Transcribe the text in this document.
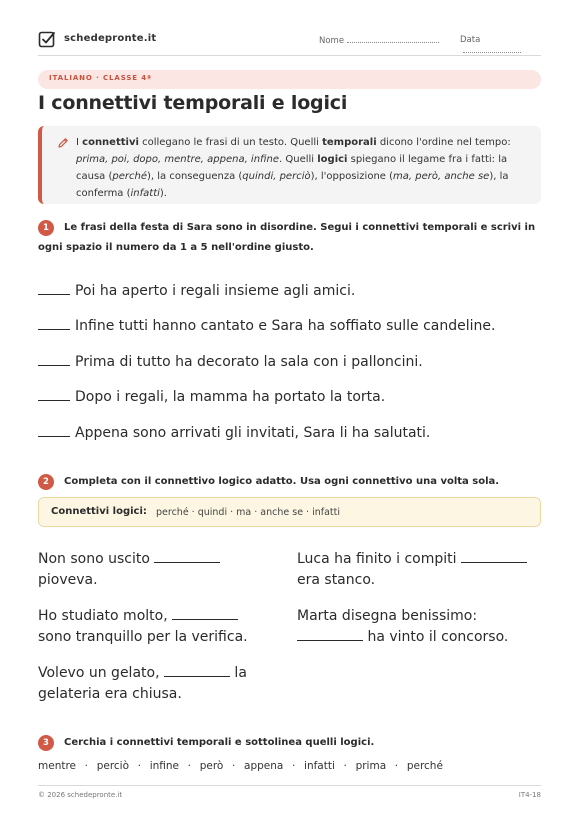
schedepronte.it	Nome	Data
ITALIANO · CLASSE 4ª
I connettivi temporali e logici
I connettivi collegano le frasi di un testo. Quelli temporali dicono l'ordine nel tempo: prima, poi, dopo, mentre, appena, infine. Quelli logici spiegano il legame fra i fatti: la causa (perché), la conseguenza (quindi, perciò), l'opposizione (ma, però, anche se), la conferma (infatti).
1	Le frasi della festa di Sara sono in disordine. Segui i connettivi temporali e scrivi in ogni spazio il numero da 1 a 5 nell'ordine giusto.
Poi ha aperto i regali insieme agli amici.
Infine tutti hanno cantato e Sara ha soffiato sulle candeline.
Prima di tutto ha decorato la sala con i palloncini.
Dopo i regali, la mamma ha portato la torta.
Appena sono arrivati gli invitati, Sara li ha salutati.
2	Completa con il connettivo logico adatto. Usa ogni connettivo una volta sola.
Connettivi logici: perché · quindi · ma · anche se · infatti
Non sono uscito
pioveva.
Luca ha finito i compiti
era stanco.
Ho studiato molto,
sono tranquillo per la verifica.
Marta disegna benissimo:
ha vinto il concorso.
Volevo un gelato,	la gelateria era chiusa.
3	Cerchia i connettivi temporali e sottolinea quelli logici.
mentre  ·  perciò  ·  infine  ·  però  ·  appena  ·  infatti  ·  prima  ·  perché
© 2026 schedepronte.it	IT4-18
